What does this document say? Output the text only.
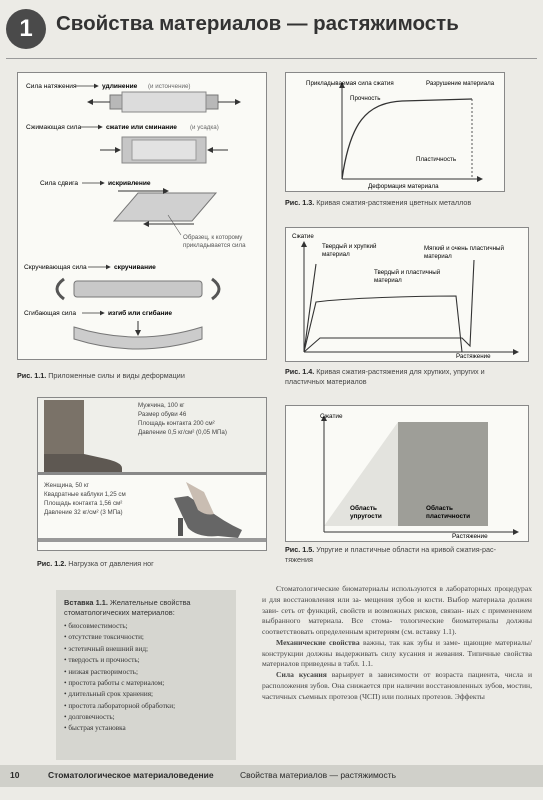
1	Свойства материалов — растяжимость
Сила натяжения	удлинение (и истончение)
Сжимающая сила	сжатие или сминание (и усадка)
Сила сдвига	искривление
Образец, к которому
прикладывается сила
Скручивающая сила	скручивание
Сгибающая сила	изгиб или сгибание
Рис. 1.1. Приложенные силы и виды деформации
Мужчина, 100 кг
Размер обуви 46
Площадь контакта 200 см²
Давление 0,5 кг/см² (0,05 МПа)
Женщина, 50 кг
Квадратные каблуки 1,25 см
Площадь контакта 1,56 см²
Давление 32 кг/см² (3 МПа)
Рис. 1.2. Нагрузка от давления ног
Прикладываемая сила сжатия	Разрушение материала
Прочность
Пластичность
Деформация материала
Рис. 1.3. Кривая сжатия-растяжения цветных металлов
Сжатие
Твердый и хрупкий
материал
Мягкий и очень пластичный
материал
Твердый и пластичный
материал
Растяжение
Рис. 1.4. Кривая сжатия-растяжения для хрупких, упругих и
пластичных материалов
Сжатие
Область
упругости
Область
пластичности
Растяжение
Рис. 1.5. Упругие и пластичные области на кривой сжатия-рас-
тяжения
Вставка 1.1. Желательные свойства
стоматологических материалов:
• биосовместимость;
• отсутствие токсичности;
• эстетичный внешний вид;
• твердость и прочность;
• низкая растворимость;
• простота работы с материалом;
• длительный срок хранения;
• простота лабораторной обработки;
• долговечность;
• быстрая установка

Стоматологические биоматериалы используются в лабораторных процедурах и для восстановления или за- мещения зубов и кости. Выбор материала должен зави- сеть от функций, свойств и возможных рисков, связан- ных с применением выбранного материала. Все стома- тологические биоматериалы должны соответствовать определенным критериям (см. вставку 1.1).

Механические свойства важны, так как зубы и заме- щающие материалы/конструкции должны выдерживать силу кусания и жевания. Типичные свойства материалов приведены в табл. 1.1.

Сила кусания варьирует в зависимости от возраста пациента, числа и расположения зубов. Она снижается при наличии восстановленных зубов, мостин, частичных съемных протезов (ЧСП) или полных протезов. Эффекты

10	Стоматологическое материаловедение	Свойства материалов — растяжимость
